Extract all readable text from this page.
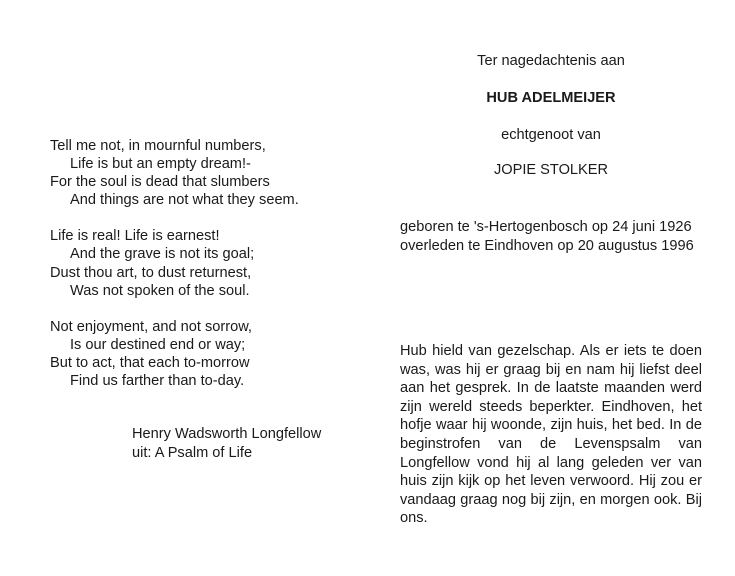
Tell me not, in mournful numbers,
Life is but an empty dream!-
For the soul is dead that slumbers
And things are not what they seem.
Life is real! Life is earnest!
And the grave is not its goal;
Dust thou art, to dust returnest,
Was not spoken of the soul.
Not enjoyment, and not sorrow,
Is our destined end or way;
But to act, that each to-morrow
Find us farther than to-day.
Henry Wadsworth Longfellow
uit: A Psalm of Life
Ter nagedachtenis aan
HUB ADELMEIJER
echtgenoot van
JOPIE STOLKER
geboren te 's-Hertogenbosch op 24 juni 1926
overleden te Eindhoven op 20 augustus 1996
Hub hield van gezelschap. Als er iets te doen
was, was hij er graag bij en nam hij liefst deel
aan het gesprek. In de laatste maanden werd
zijn wereld steeds beperkter. Eindhoven, het
hofje waar hij woonde, zijn huis, het bed. In de
beginstrofen van de Levenspsalm van
Longfellow vond hij al lang geleden ver van
huis zijn kijk op het leven verwoord. Hij zou er
vandaag graag nog bij zijn, en morgen ook. Bij
ons.
